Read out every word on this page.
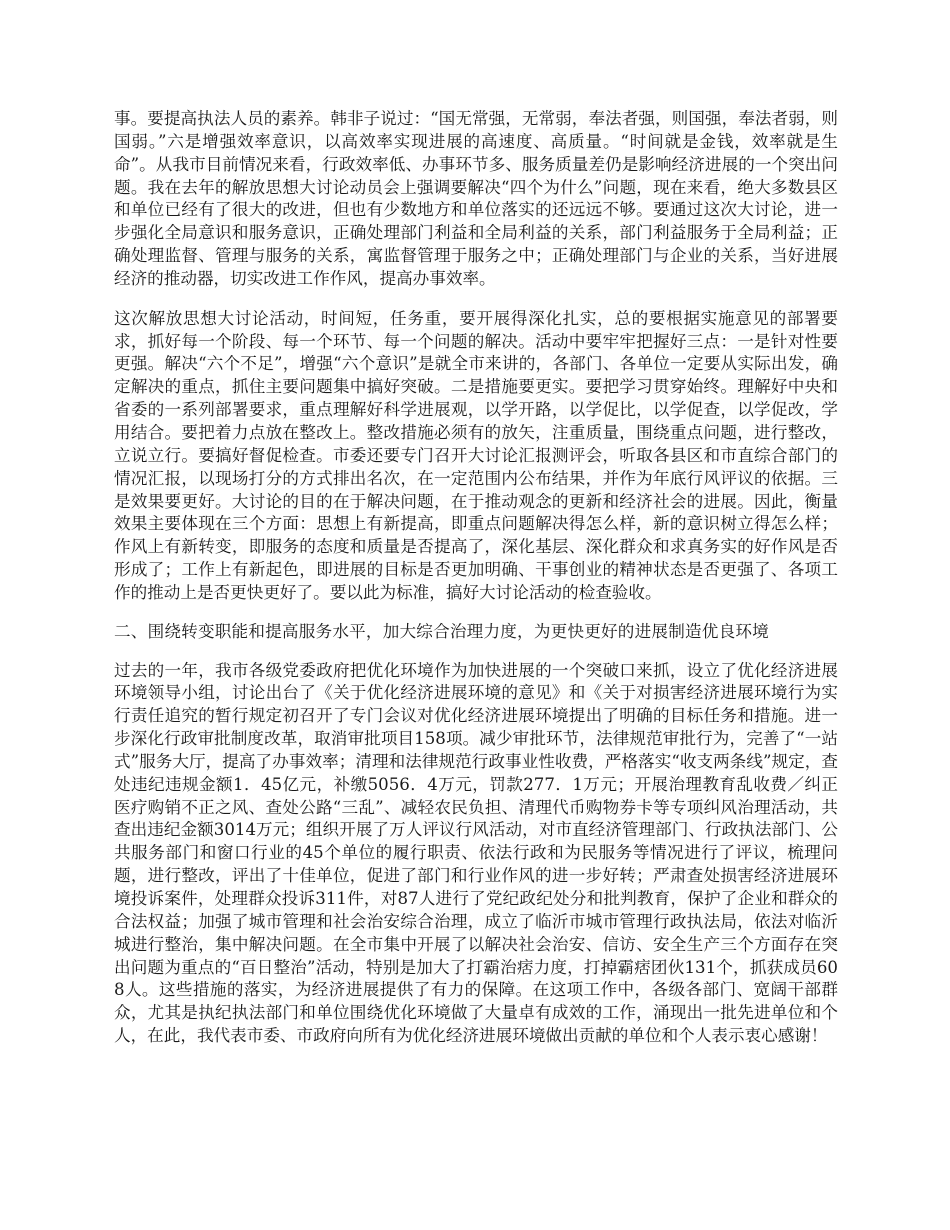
事。要提高执法人员的素养。韩非子说过：“国无常强，无常弱，奉法者强，则国强，奉法者弱，则国弱。”六是增强效率意识，以高效率实现进展的高速度、高质量。“时间就是金钱，效率就是生命”。从我市目前情况来看，行政效率低、办事环节多、服务质量差仍是影响经济进展的一个突出问题。我在去年的解放思想大讨论动员会上强调要解决“四个为什么”问题，现在来看，绝大多数县区和单位已经有了很大的改进，但也有少数地方和单位落实的还远远不够。要通过这次大讨论，进一步强化全局意识和服务意识，正确处理部门利益和全局利益的关系，部门利益服务于全局利益；正确处理监督、管理与服务的关系，寓监督管理于服务之中；正确处理部门与企业的关系，当好进展经济的推动器，切实改进工作作风，提高办事效率。

这次解放思想大讨论活动，时间短，任务重，要开展得深化扎实，总的要根据实施意见的部署要求，抓好每一个阶段、每一个环节、每一个问题的解决。活动中要牢牢把握好三点：一是针对性要更强。解决“六个不足”，增强“六个意识”是就全市来讲的，各部门、各单位一定要从实际出发，确定解决的重点，抓住主要问题集中搞好突破。二是措施要更实。要把学习贯穿始终。理解好中央和省委的一系列部署要求，重点理解好科学进展观，以学开路，以学促比，以学促查，以学促改，学用结合。要把着力点放在整改上。整改措施必须有的放矢，注重质量，围绕重点问题，进行整改，立说立行。要搞好督促检查。市委还要专门召开大讨论汇报测评会，听取各县区和市直综合部门的情况汇报，以现场打分的方式排出名次，在一定范围内公布结果，并作为年底行风评议的依据。三是效果要更好。大讨论的目的在于解决问题，在于推动观念的更新和经济社会的进展。因此，衡量效果主要体现在三个方面：思想上有新提高，即重点问题解决得怎么样，新的意识树立得怎么样；作风上有新转变，即服务的态度和质量是否提高了，深化基层、深化群众和求真务实的好作风是否形成了；工作上有新起色，即进展的目标是否更加明确、干事创业的精神状态是否更强了、各项工作的推动上是否更快更好了。要以此为标准，搞好大讨论活动的检查验收。

二、围绕转变职能和提高服务水平，加大综合治理力度，为更快更好的进展制造优良环境

过去的一年，我市各级党委政府把优化环境作为加快进展的一个突破口来抓，设立了优化经济进展环境领导小组，讨论出台了《关于优化经济进展环境的意见》和《关于对损害经济进展环境行为实行责任追究的暂行规定初召开了专门会议对优化经济进展环境提出了明确的目标任务和措施。进一步深化行政审批制度改革，取消审批项目158项。减少审批环节，法律规范审批行为，完善了“一站式”服务大厅，提高了办事效率；清理和法律规范行政事业性收费，严格落实“收支两条线”规定，查处违纪违规金额1．45亿元，补缴5056．4万元，罚款277．1万元；开展治理教育乱收费／纠正医疗购销不正之风、查处公路“三乱”、减轻农民负担、清理代币购物券卡等专项纠风治理活动，共查出违纪金额3014万元；组织开展了万人评议行风活动，对市直经济管理部门、行政执法部门、公共服务部门和窗口行业的45个单位的履行职责、依法行政和为民服务等情况进行了评议，梳理问题，进行整改，评出了十佳单位，促进了部门和行业作风的进一步好转；严肃查处损害经济进展环境投诉案件，处理群众投诉311件，对87人进行了党纪政纪处分和批判教育，保护了企业和群众的合法权益；加强了城市管理和社会治安综合治理，成立了临沂市城市管理行政执法局，依法对临沂城进行整治，集中解决问题。在全市集中开展了以解决社会治安、信访、安全生产三个方面存在突出问题为重点的“百日整治”活动，特别是加大了打霸治痞力度，打掉霸痞团伙131个，抓获成员608人。这些措施的落实，为经济进展提供了有力的保障。在这项工作中，各级各部门、宽阔干部群众，尤其是执纪执法部门和单位围绕优化环境做了大量卓有成效的工作，涌现出一批先进单位和个人，在此，我代表市委、市政府向所有为优化经济进展环境做出贡献的单位和个人表示衷心感谢！
